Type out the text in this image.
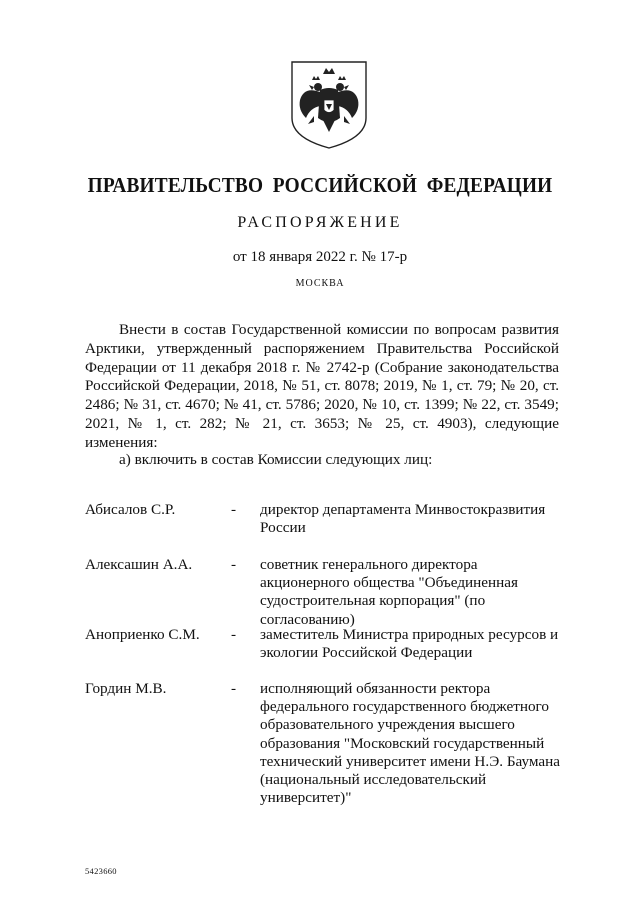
ПРАВИТЕЛЬСТВО РОССИЙСКОЙ ФЕДЕРАЦИИ
РАСПОРЯЖЕНИЕ
от 18 января 2022 г. № 17-р
МОСКВА

Внести в состав Государственной комиссии по вопросам развития Арктики, утвержденный распоряжением Правительства Российской Федерации от 11 декабря 2018 г. № 2742-р (Собрание законодательства Российской Федерации, 2018, № 51, ст. 8078; 2019, № 1, ст. 79; № 20, ст. 2486; № 31, ст. 4670; № 41, ст. 5786; 2020, № 10, ст. 1399; № 22, ст. 3549; 2021, № 1, ст. 282; № 21, ст. 3653; № 25, ст. 4903), следующие изменения:

а) включить в состав Комиссии следующих лиц:

Абисалов С.Р.	-	директор департамента Минвостокразвития России
Алексашин А.А.	-	советник генерального директора акционерного общества "Объединенная судостроительная корпорация" (по согласованию)
Аноприенко С.М.	-	заместитель Министра природных ресурсов и экологии Российской Федерации
Гордин М.В.	-	исполняющий обязанности ректора федерального государственного бюджетного образовательного учреждения высшего образования "Московский государственный технический университет имени Н.Э. Баумана (национальный исследовательский университет)"
5423660
